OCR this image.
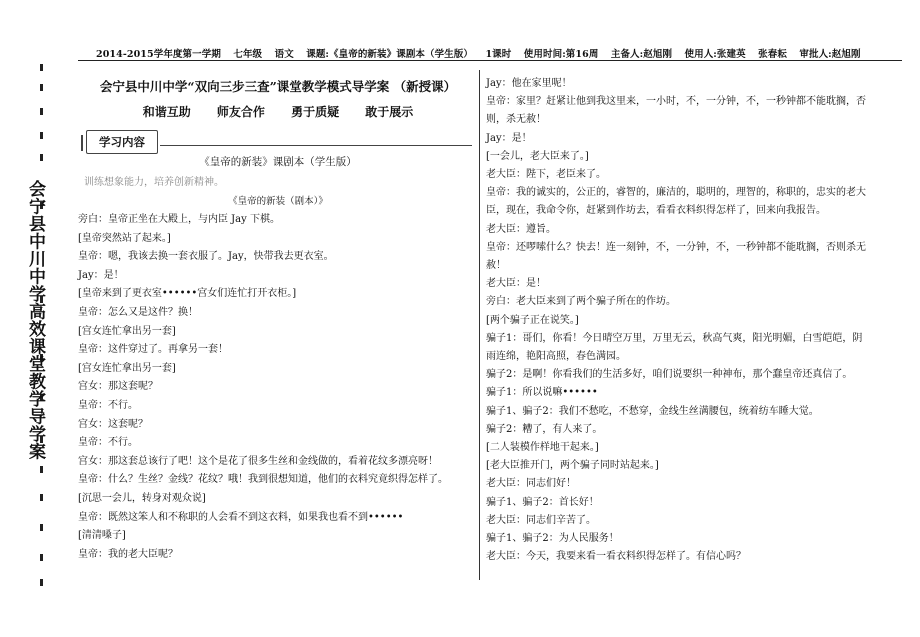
2014-2015学年度第一学期 七年级 语文 课题:《皇帝的新装》课剧本（学生版） 1课时 使用时间:第16周 主备人:赵旭刚 使用人:张建英 张春耘 审批人:赵旭刚
会宁县中川中学高效课堂教学导学案
会宁县中川中学“双向三步三查”课堂教学模式导学案 （新授课）
和谐互助 师友合作 勇于质疑 敢于展示
学习内容
《皇帝的新装》课剧本（学生版）
训练想象能力，培养创新精神。
《皇帝的新装（剧本）》
旁白：皇帝正坐在大殿上，与内臣 Jay 下棋。
[皇帝突然站了起来。]
皇帝：嗯，我该去换一套衣服了。Jay，快带我去更衣室。
Jay：是！
[皇帝来到了更衣室••••••宫女们连忙打开衣柜。]
皇帝：怎么又是这件？换！
[宫女连忙拿出另一套]
皇帝：这件穿过了。再拿另一套！
[宫女连忙拿出另一套]
宫女：那这套呢？
皇帝：不行。
宫女：这套呢？
皇帝：不行。
宫女：那这套总该行了吧！这个是花了很多生丝和金线做的，看着花纹多漂亮呀！
皇帝：什么？生丝？金线？花纹？哦！我到很想知道，他们的衣料究竟织得怎样了。
[沉思一会儿，转身对观众说]
皇帝：既然这笨人和不称职的人会看不到这衣料，如果我也看不到••••••
[清清嗓子]
皇帝：我的老大臣呢？
Jay：他在家里呢！
皇帝：家里？赶紧让他到我这里来，一小时，不，一分钟，不，一秒钟都不能耽搁，否
则，杀无赦！
Jay：是！
[一会儿，老大臣来了。]
老大臣：陛下，老臣来了。
皇帝：我的诚实的，公正的，睿智的，廉洁的，聪明的，理智的，称职的，忠实的老大
臣，现在，我命令你，赶紧到作坊去，看看衣料织得怎样了，回来向我报告。
老大臣：遵旨。
皇帝：还啰嗦什么？快去！连一刻钟，不，一分钟，不，一秒钟都不能耽搁，否则杀无
赦！
老大臣：是！
旁白：老大臣来到了两个骗子所在的作坊。
[两个骗子正在说笑。]
骗子1：哥们，你看！今日晴空万里，万里无云，秋高气爽，阳光明媚，白雪皑皑，阴
雨连绵，艳阳高照，春色满园。
骗子2：是啊！你看我们的生活多好，咱们说要织一种神布，那个蠢皇帝还真信了。
骗子1：所以说嘛••••••
骗子1、骗子2：我们不愁吃，不愁穿，金线生丝满腰包，统着纺车睡大觉。
骗子2：糟了，有人来了。
[二人装模作样地干起来。]
[老大臣推开门，两个骗子同时站起来。]
老大臣：同志们好！
骗子1、骗子2：首长好！
老大臣：同志们辛苦了。
骗子1、骗子2：为人民服务！
老大臣：今天，我要来看一看衣料织得怎样了。有信心吗？
